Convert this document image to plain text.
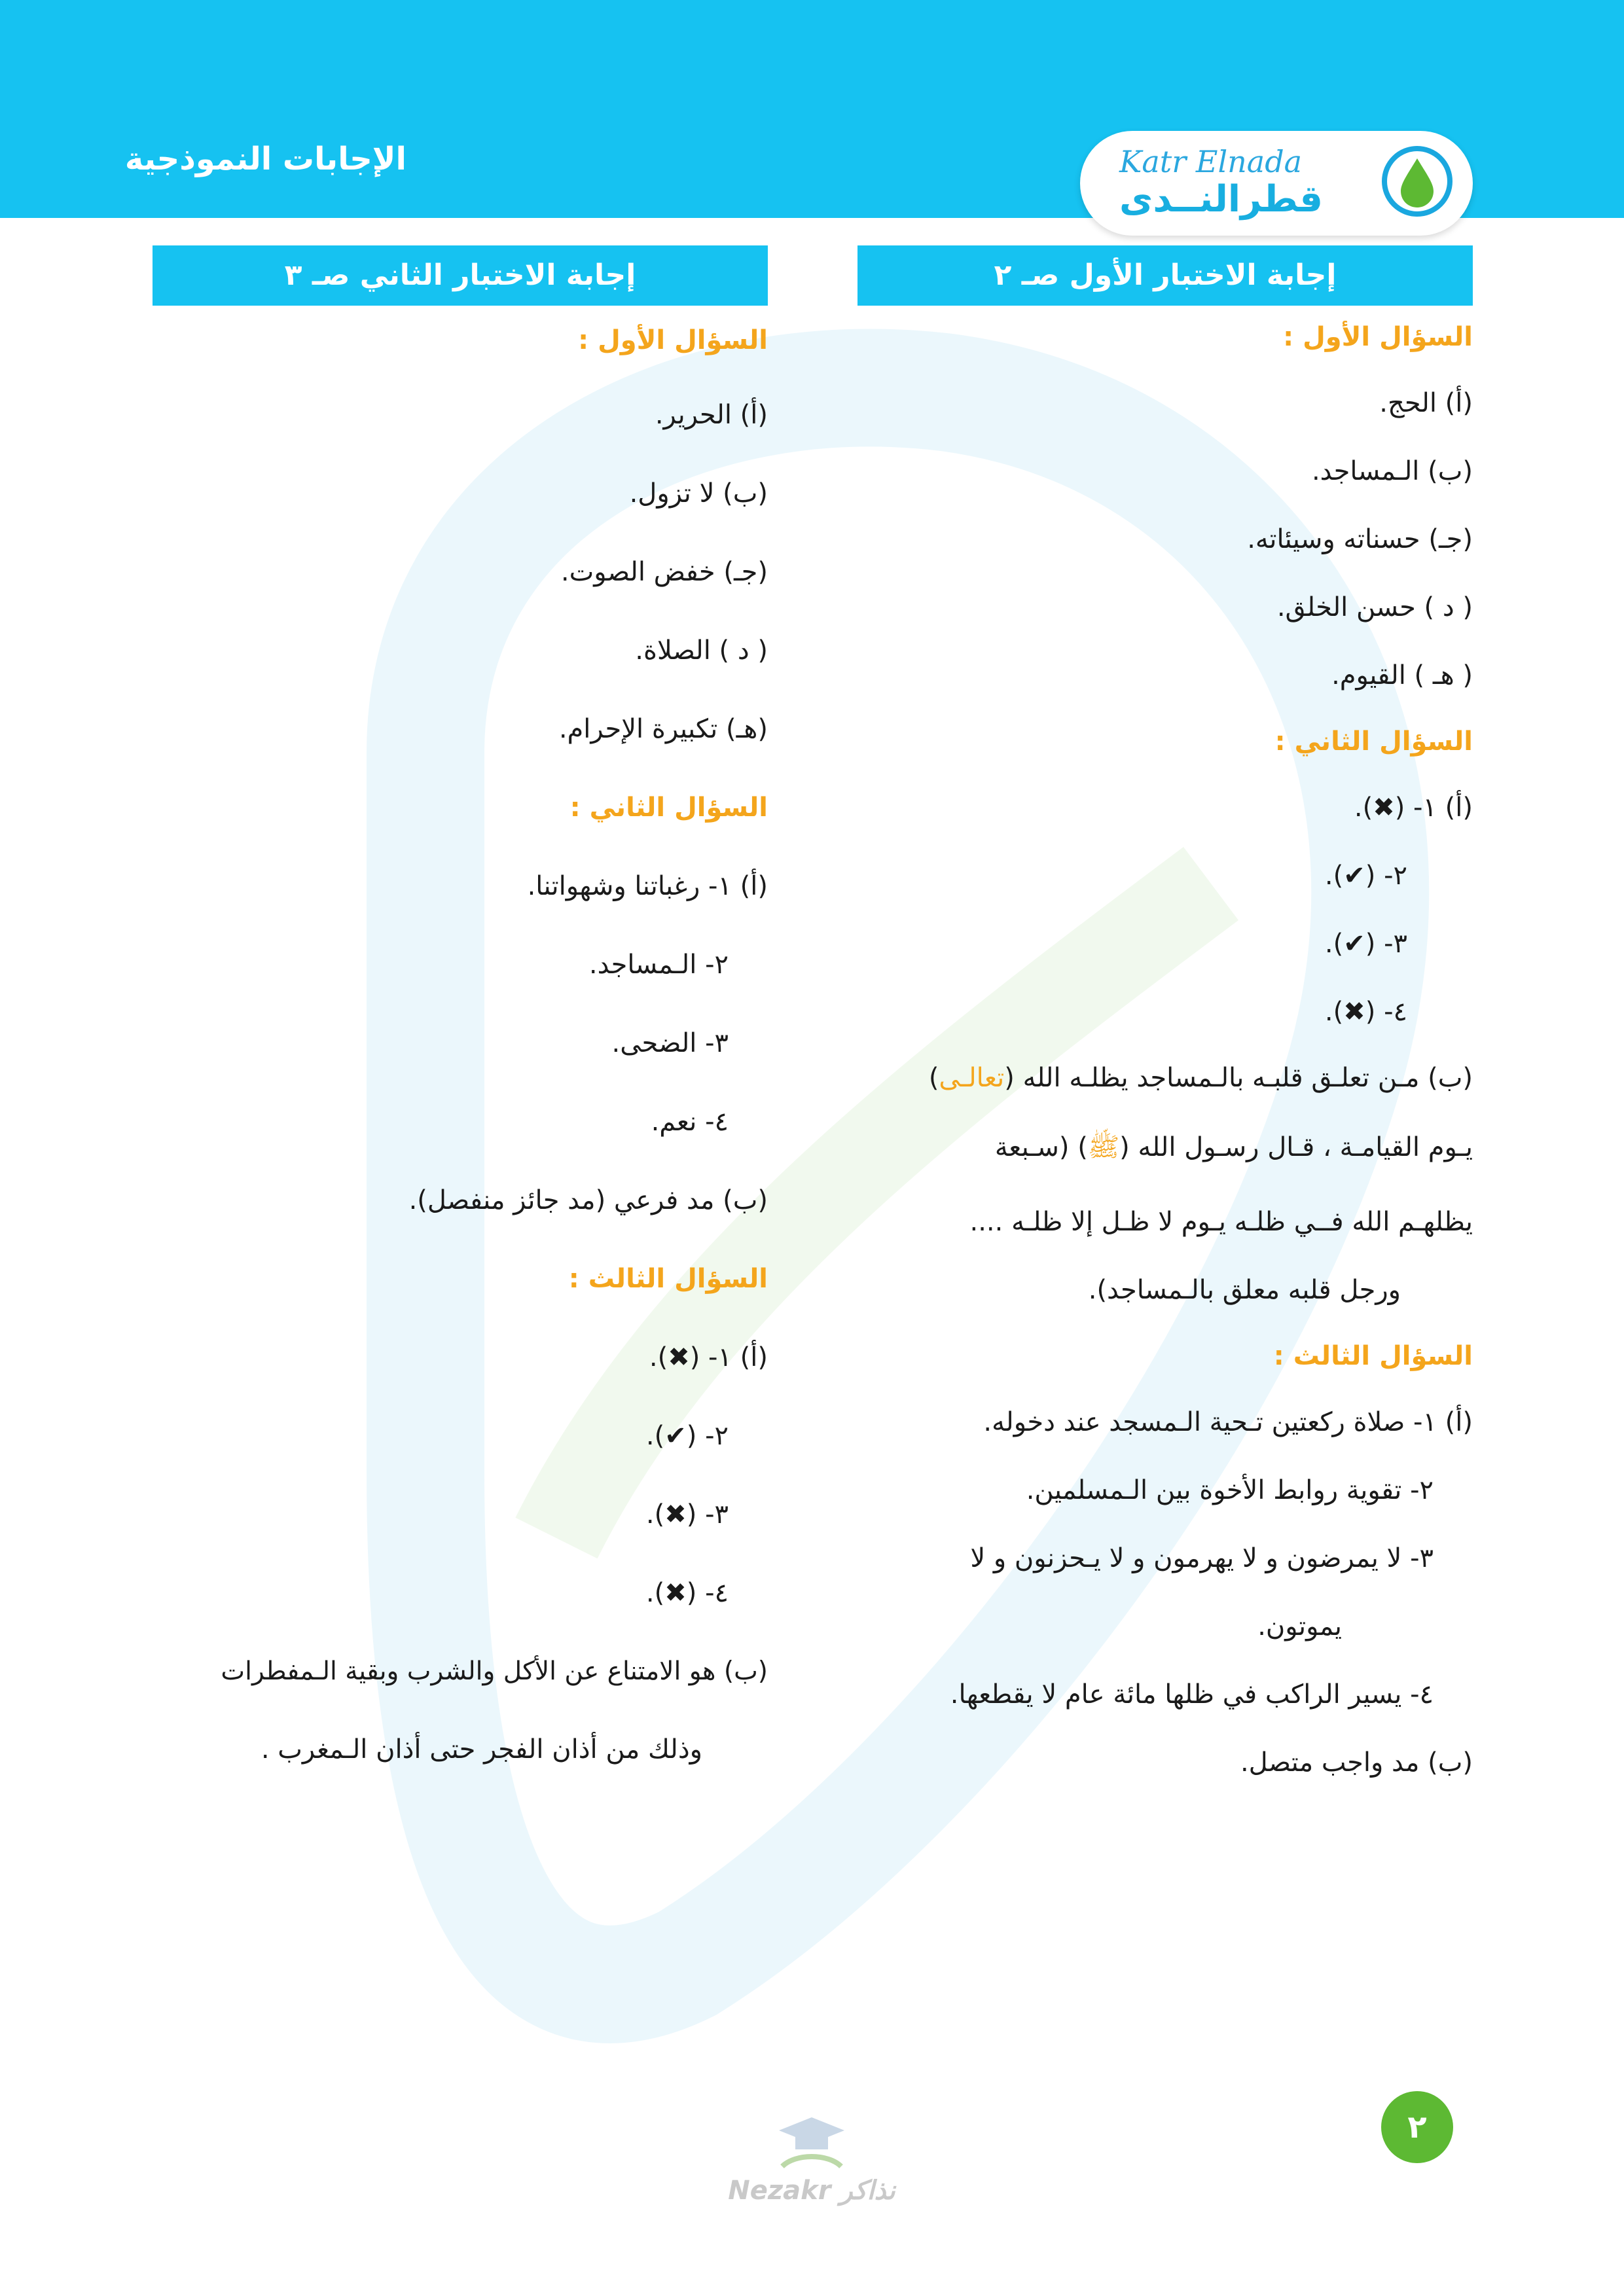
الإجابات النموذجية	Katr Elnada
قطرالنــدى
إجابة الاختبار الأول صـ ٢

السؤال الأول :

(أ) الحج.

(ب) الـمساجد.

(جـ) حسناته وسيئاته.

( د ) حسن الخلق.

( هـ ) القيوم.

السؤال الثاني :

(أ) ١- (✖).

٢- (✔).

٣- (✔).

٤- (✖).

(ب) مـن تعلـق قلبـه بالـمساجد يظلـه الله (تعالـى)

يـوم القيامـة ، قـال رسـول الله (ﷺ) (سـبعة

يظلهـم الله فــي ظلـه يـوم لا ظـل إلا ظلـه ....

ورجل قلبه معلق بالـمساجد).

السؤال الثالث :

(أ) ١- صلاة ركعتين تـحية الـمسجد عند دخوله.

٢- تقوية روابط الأخوة بين الـمسلمين.

٣- لا يمرضون و لا يهرمون و لا يـحزنون و لا

يموتون.

٤- يسير الراكب في ظلها مائة عام لا يقطعها.

(ب) مد واجب متصل.

إجابة الاختبار الثاني صـ ٣

السؤال الأول :

(أ) الحرير.

(ب) لا تزول.

(جـ) خفض الصوت.

( د ) الصلاة.

(هـ) تكبيرة الإحرام.

السؤال الثاني :

(أ) ١- رغباتنا وشهواتنا.

٢- الـمساجد.

٣- الضحى.

٤- نعم.

(ب) مد فرعي (مد جائز منفصل).

السؤال الثالث :

(أ) ١- (✖).

٢- (✔).

٣- (✖).

٤- (✖).

(ب) هو الامتناع عن الأكل والشرب وبقية الـمفطرات

وذلك من أذان الفجر حتى أذان الـمغرب .

٢
Nezakr نذاكر
